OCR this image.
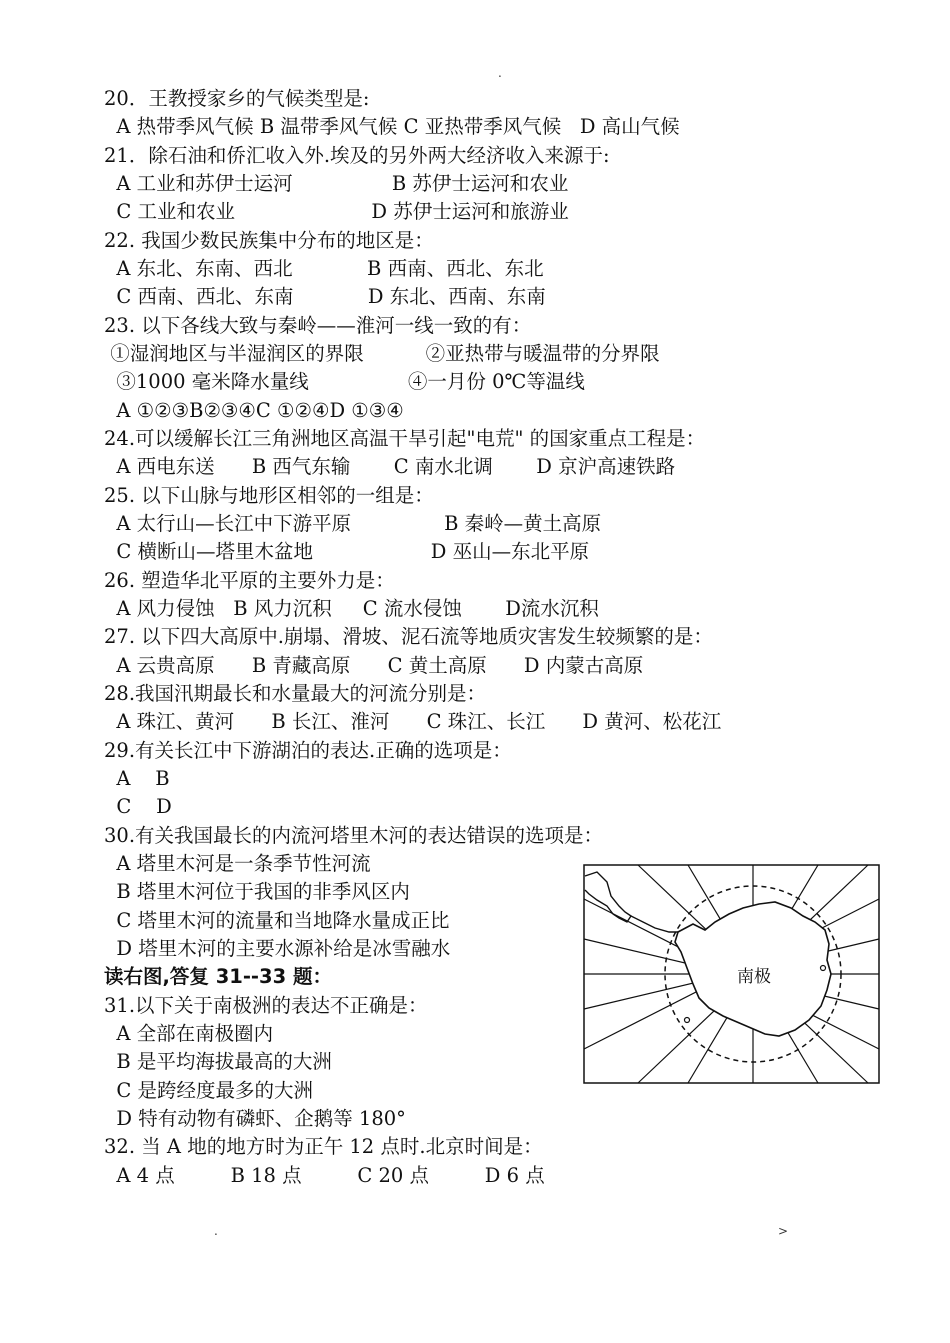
.
20．王教授家乡的气候类型是:
A 热带季风气候 B 温带季风气候 C 亚热带季风气候   D 高山气候
21．除石油和侨汇收入外.埃及的另外两大经济收入来源于:
A 工业和苏伊士运河                B 苏伊士运河和农业
C 工业和农业                      D 苏伊士运河和旅游业
22. 我国少数民族集中分布的地区是：
A 东北、东南、西北            B 西南、西北、东北
C 西南、西北、东南            D 东北、西南、东南
23. 以下各线大致与秦岭——淮河一线一致的有：
①湿润地区与半湿润区的界限          ②亚热带与暖温带的分界限
③1000 毫米降水量线                ④一月份 0℃等温线
A ①②③B②③④C ①②④D ①③④
24.可以缓解长江三角洲地区高温干旱引起"电荒" 的国家重点工程是：
A 西电东送      B 西气东输       C 南水北调       D 京沪高速铁路
25. 以下山脉与地形区相邻的一组是：
A 太行山—长江中下游平原               B 秦岭—黄土高原
C 横断山—塔里木盆地                   D 巫山—东北平原
26. 塑造华北平原的主要外力是：
A 风力侵蚀   B 风力沉积     C 流水侵蚀       D流水沉积
27. 以下四大高原中.崩塌、滑坡、泥石流等地质灾害发生较频繁的是：
A 云贵高原      B 青藏高原      C 黄土高原      D 内蒙古高原
28.我国汛期最长和水量最大的河流分别是：
A 珠江、黄河      B 长江、淮河      C 珠江、长江      D 黄河、松花江
29.有关长江中下游湖泊的表达.正确的选项是：
A    B
C    D
30.有关我国最长的内流河塔里木河的表达错误的选项是：
A 塔里木河是一条季节性河流
B 塔里木河位于我国的非季风区内
C 塔里木河的流量和当地降水量成正比
D 塔里木河的主要水源补给是冰雪融水
读右图,答复 31--33 题：
31.以下关于南极洲的表达不正确是：
A 全部在南极圈内
B 是平均海拔最高的大洲
C 是跨经度最多的大洲
D 特有动物有磷虾、企鹅等 180°
32. 当 A 地的地方时为正午 12 点时.北京时间是：
A 4 点         B 18 点         C 20 点         D 6 点
南极
.	>
